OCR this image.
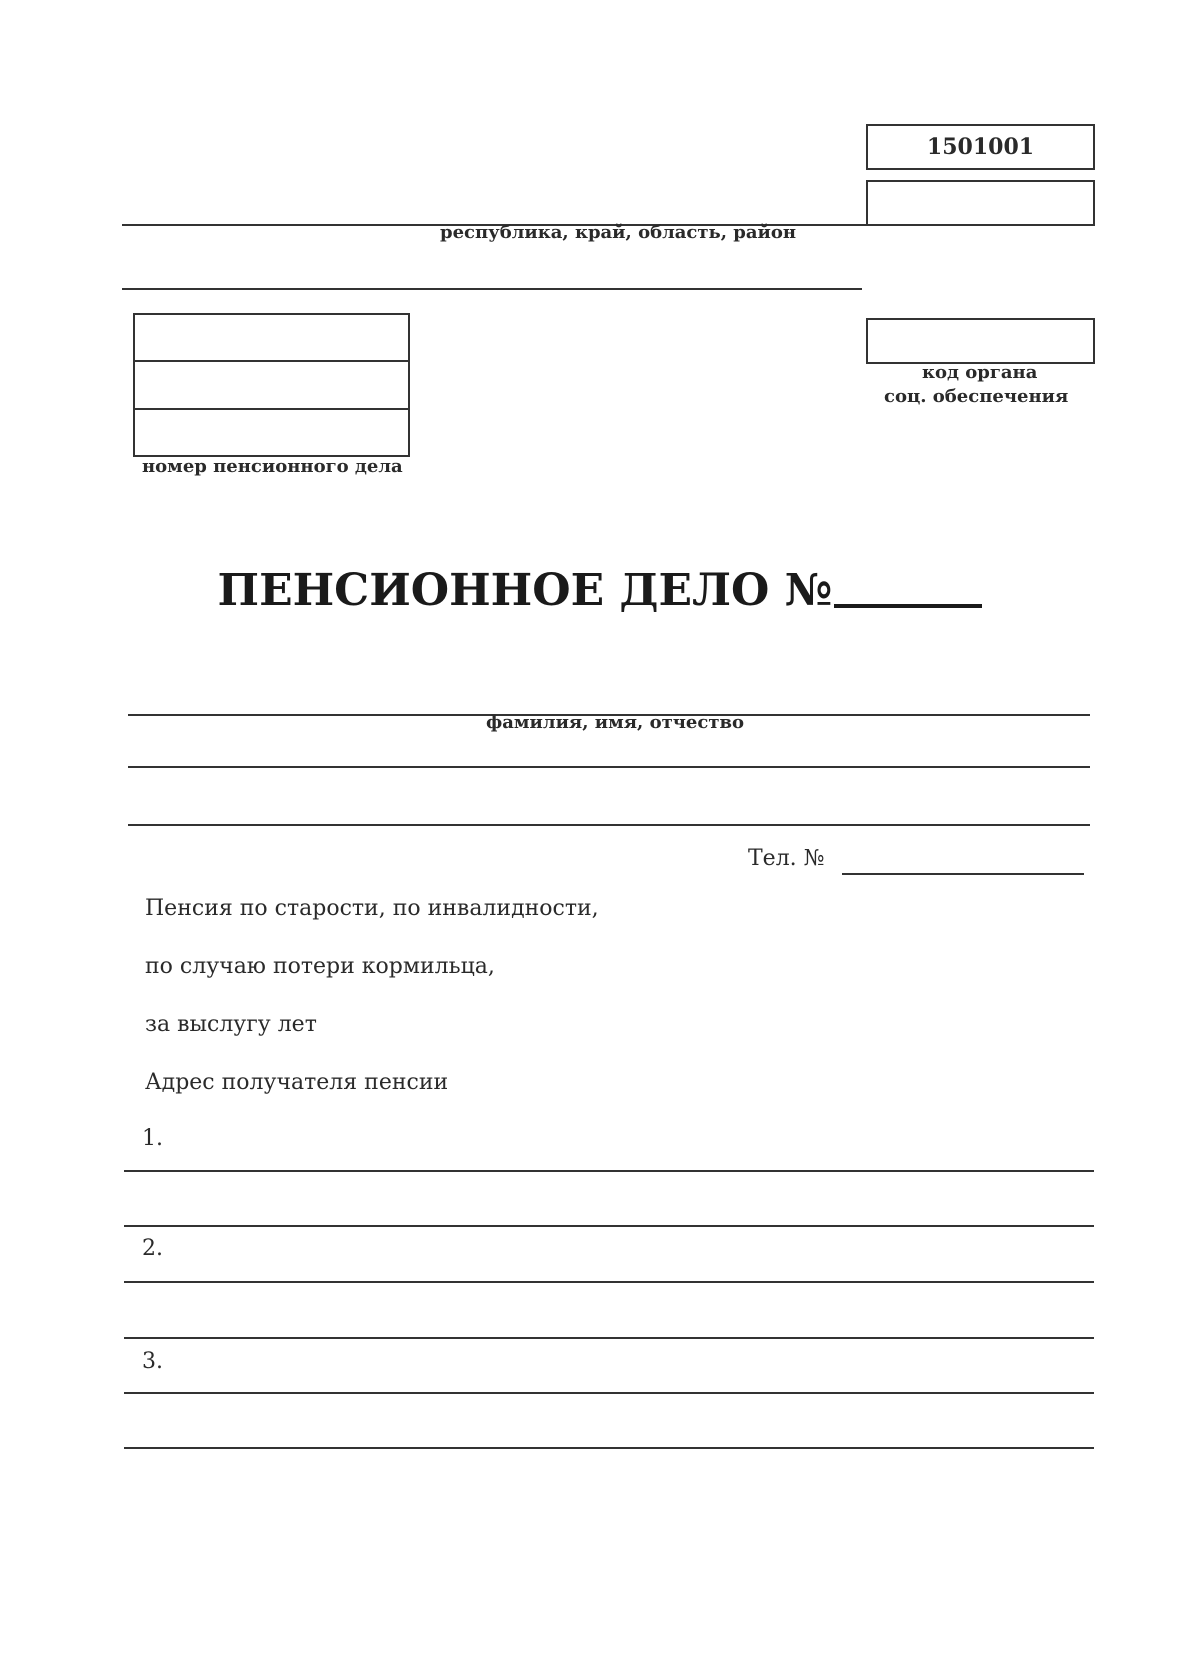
1501001
республика, край, область, район
номер пенсионного дела
код органа
соц. обеспечения
ПЕНСИОННОЕ ДЕЛО №
фамилия, имя, отчество
Тел. №
Пенсия по старости, по инвалидности,
по случаю потери кормильца,
за выслугу лет
Адрес получателя пенсии
1.
2.
3.
